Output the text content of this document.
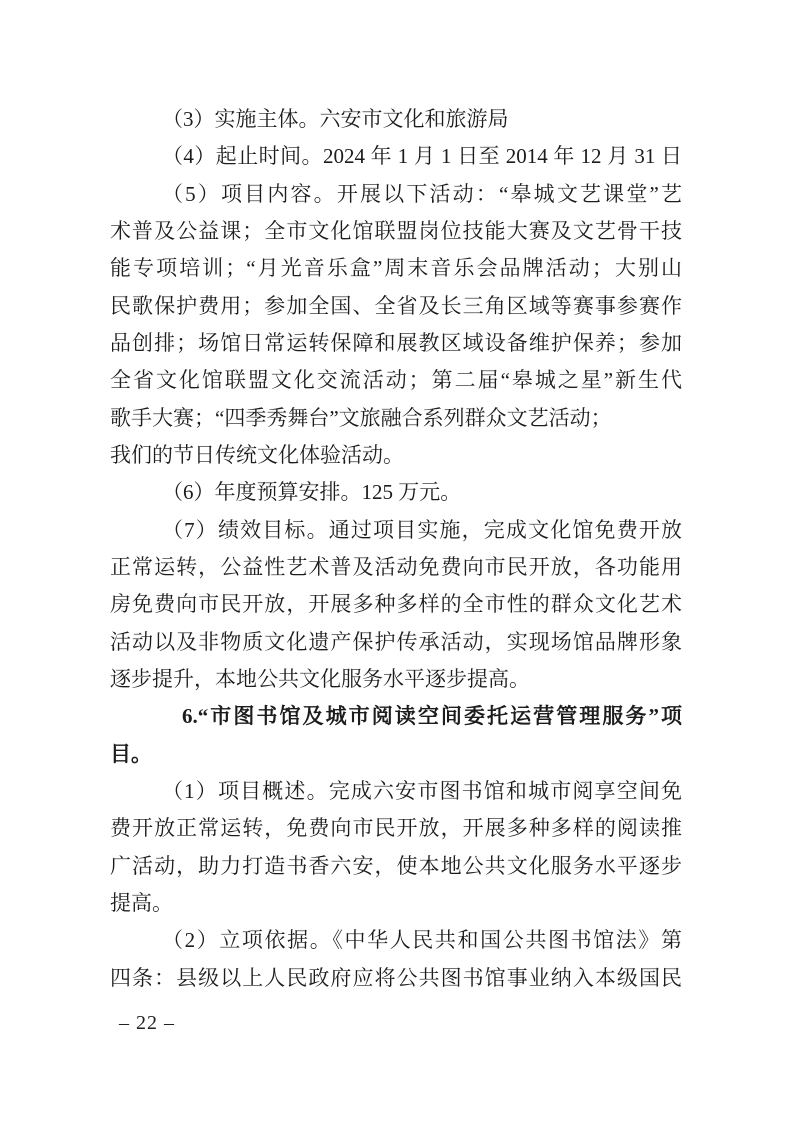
（3）实施主体。六安市文化和旅游局
（4）起止时间。2024 年 1 月 1 日至 2014 年 12 月 31 日
（5）项目内容。开展以下活动：“皋城文艺课堂”艺
术普及公益课；全市文化馆联盟岗位技能大赛及文艺骨干技
能专项培训；“月光音乐盒”周末音乐会品牌活动；大别山
民歌保护费用；参加全国、全省及长三角区域等赛事参赛作
品创排；场馆日常运转保障和展教区域设备维护保养；参加
全省文化馆联盟文化交流活动；第二届“皋城之星”新生代
歌手大赛；“四季秀舞台”文旅融合系列群众文艺活动；
我们的节日传统文化体验活动。
（6）年度预算安排。125 万元。
（7）绩效目标。通过项目实施，完成文化馆免费开放
正常运转，公益性艺术普及活动免费向市民开放，各功能用
房免费向市民开放，开展多种多样的全市性的群众文化艺术
活动以及非物质文化遗产保护传承活动，实现场馆品牌形象
逐步提升，本地公共文化服务水平逐步提高。
6.“市图书馆及城市阅读空间委托运营管理服务”项
目。
（1）项目概述。完成六安市图书馆和城市阅享空间免
费开放正常运转，免费向市民开放，开展多种多样的阅读推
广活动，助力打造书香六安，使本地公共文化服务水平逐步
提高。
（2）立项依据。《中华人民共和国公共图书馆法》第
四条：县级以上人民政府应将公共图书馆事业纳入本级国民
– 22 –
